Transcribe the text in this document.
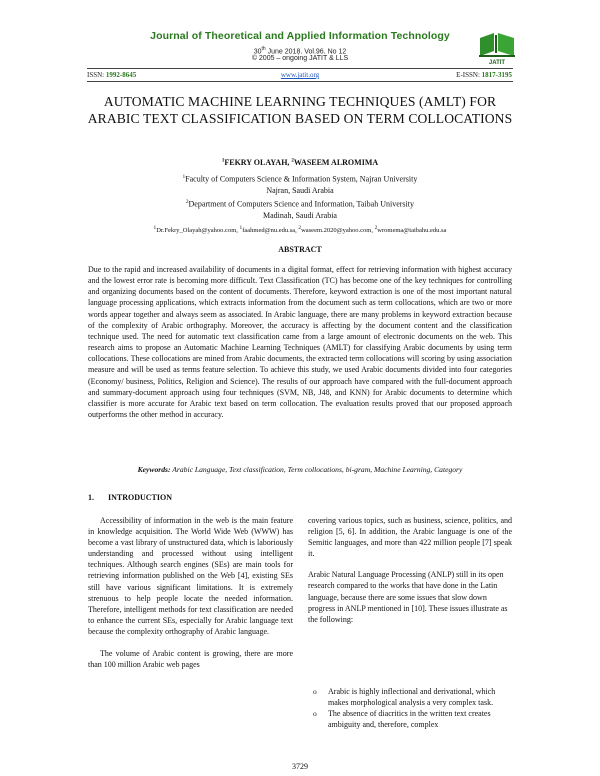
Journal of Theoretical and Applied Information Technology
30th June 2018. Vol.96. No 12
© 2005 – ongoing JATIT & LLS
JATIT
ISSN: 1992-8645	www.jatit.org	E-ISSN: 1817-3195
AUTOMATIC MACHINE LEARNING TECHNIQUES (AMLT) FOR ARABIC TEXT CLASSIFICATION BASED ON TERM COLLOCATIONS
$^1$FEKRY OLAYAH, $^2$WASEEM ALROMIMA
$^1$Faculty of Computers Science & Information System, Najran University
Najran, Saudi Arabia
$^2$Department of Computers Science and Information, Taibah University
Madinah, Saudi Arabia
$^1$Dr.Fekry_Olayah@yahoo.com, $^1$faahmed@nu.edu.sa, $^2$waseem.2020@yahoo.com, $^2$wromema@taibahu.edu.sa
ABSTRACT
Due to the rapid and increased availability of documents in a digital format, effect for retrieving information with highest accuracy and the lowest error rate is becoming more difficult. Text Classification (TC) has become one of the key techniques for controlling and organizing documents based on the content of documents. Therefore, keyword extraction is one of the most important natural language processing applications, which extracts information from the document such as term collocations, which are two or more words appear together and always seem as associated. In Arabic language, there are many problems in keyword extraction because of the complexity of Arabic orthography. Moreover, the accuracy is affecting by the document content and the classification technique used. The need for automatic text classification came from a large amount of electronic documents on the web. This research aims to propose an Automatic Machine Learning Techniques (AMLT) for classifying Arabic documents by using term collocations. These collocations are mined from Arabic documents, the extracted term collocations will scoring by using association measure and will be used as terms feature selection. To achieve this study, we used Arabic documents divided into four categories (Economy/ business, Politics, Religion and Science). The results of our approach have compared with the full-document approach and summary-document approach using four techniques (SVM, NB, J48, and KNN) for Arabic documents to determine which classifier is more accurate for Arabic text based on term collocation. The evaluation results proved that our proposed approach outperforms the other method in accuracy.
Keywords: Arabic Language, Text classification, Term collocations, bi-gram, Machine Learning, Category
1. INTRODUCTION

Accessibility of information in the web is the main feature in knowledge acquisition. The World Wide Web (WWW) has become a vast library of unstructured data, which is laboriously understanding and processed without using intelligent techniques. Although search engines (SEs) are main tools for retrieving information published on the Web [4], existing SEs still have various significant limitations. It is extremely strenuous to help people locate the needed information. Therefore, intelligent methods for text classification are needed to enhance the current SEs, especially for Arabic language text because the complexity orthography of Arabic language.

The volume of Arabic content is growing, there are more than 100 million Arabic web pages

covering various topics, such as business, science, politics, and religion [5, 6]. In addition, the Arabic language is one of the Semitic languages, and more than 422 million people [7] speak it.

Arabic Natural Language Processing (ANLP) still in its open research compared to the works that have done in the Latin language, because there are some issues that slow down progress in ANLP mentioned in [10]. These issues illustrate as the following:

o Arabic is highly inflectional and derivational, which makes morphological analysis a very complex task.
o The absence of diacritics in the written text creates ambiguity and, therefore, complex
3729
